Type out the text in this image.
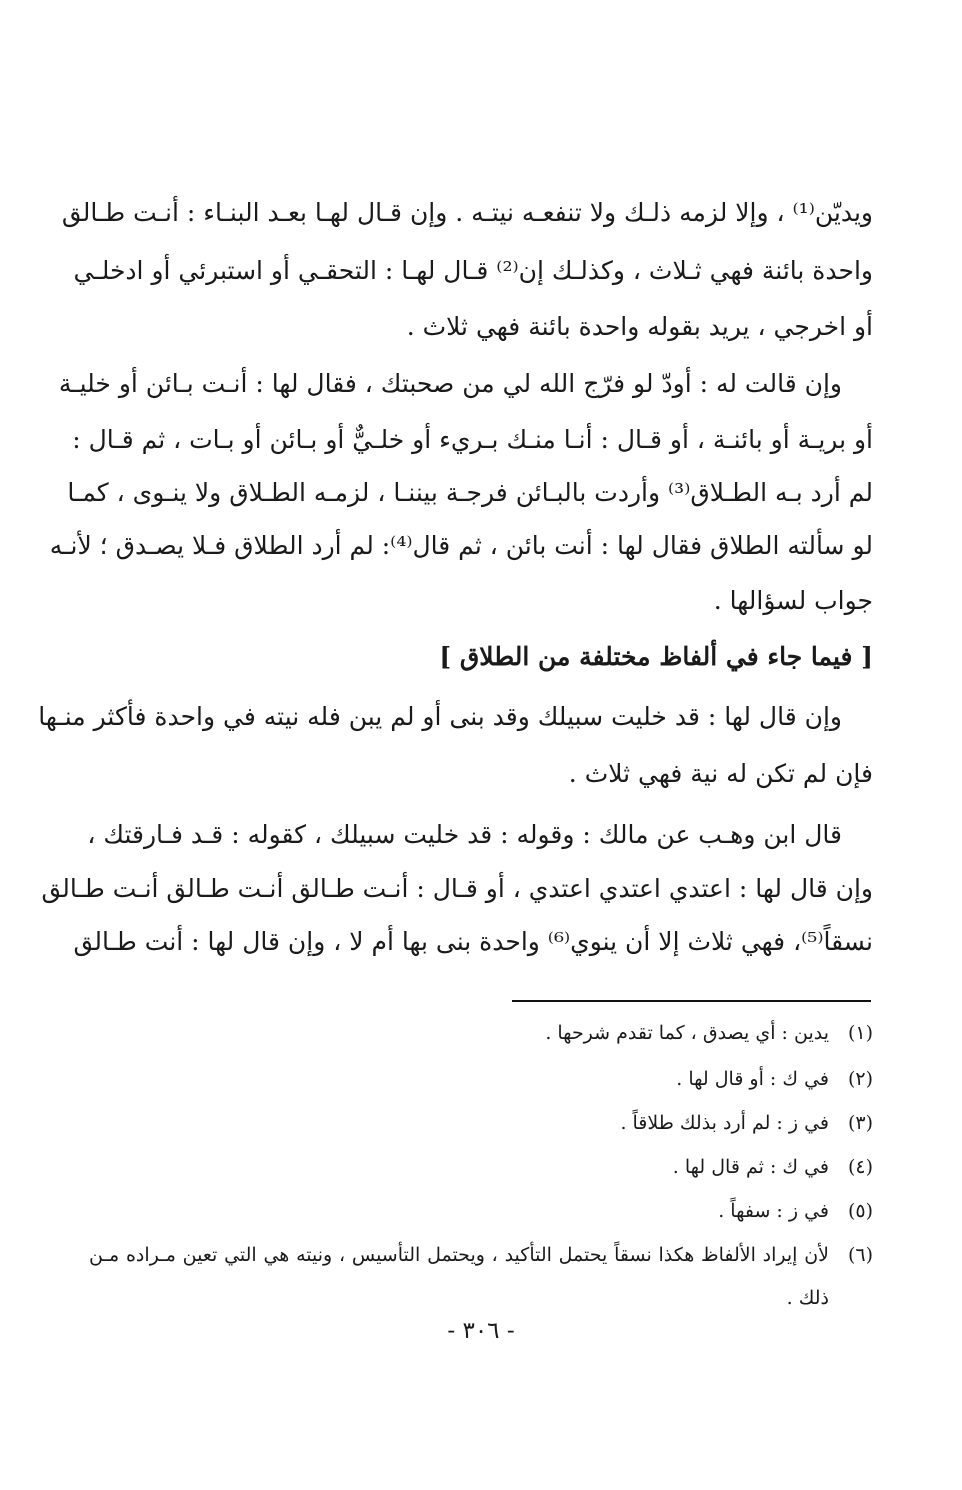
ويديّن⁽¹⁾ ، وإلا لزمه ذلـك ولا تنفعـه نيتـه . وإن قـال لهـا بعـد البنـاء : أنـت طـالق
واحدة بائنة فهي ثـلاث ، وكذلـك إن⁽²⁾ قـال لهـا : التحقـي أو استبرئي أو ادخلـي
أو اخرجي ، يريد بقوله واحدة بائنة فهي ثلاث .
وإن قالت له : أودّ لو فرّج الله لي من صحبتك ، فقال لها : أنـت بـائن أو خليـة
أو بريـة أو بائنـة ، أو قـال : أنـا منـك بـريء أو خلـيٌّ أو بـائن أو بـات ، ثم قـال :
لم أرد بـه الطـلاق⁽³⁾ وأردت بالبـائن فرجـة بيننـا ، لزمـه الطـلاق ولا ينـوى ، كمـا
لو سألته الطلاق فقال لها : أنت بائن ، ثم قال⁽⁴⁾: لم أرد الطلاق فـلا يصـدق ؛ لأنـه
جواب لسؤالها .
[ فيما جاء في ألفاظ مختلفة من الطلاق ]
وإن قال لها : قد خليت سبيلك وقد بنى أو لم يبن فله نيته في واحدة فأكثر منـها
فإن لم تكن له نية فهي ثلاث .
قال ابن وهـب عن مالك : وقوله : قد خليت سبيلك ، كقوله : قـد فـارقتك ،
وإن قال لها : اعتدي اعتدي اعتدي ، أو قـال : أنـت طـالق أنـت طـالق أنـت طـالق
نسقاً⁽⁵⁾، فهي ثلاث إلا أن ينوي⁽⁶⁾ واحدة بنى بها أم لا ، وإن قال لها : أنت طـالق
(١)يدين : أي يصدق ، كما تقدم شرحها .
(٢)في ك : أو قال لها .
(٣)في ز : لم أرد بذلك طلاقاً .
(٤)في ك : ثم قال لها .
(٥)في ز : سفهاً .
(٦)لأن إيراد الألفاظ هكذا نسقاً يحتمل التأكيد ، ويحتمل التأسيس ، ونيته هي التي تعين مـراده مـن
ذلك .
- ٣٠٦ -
